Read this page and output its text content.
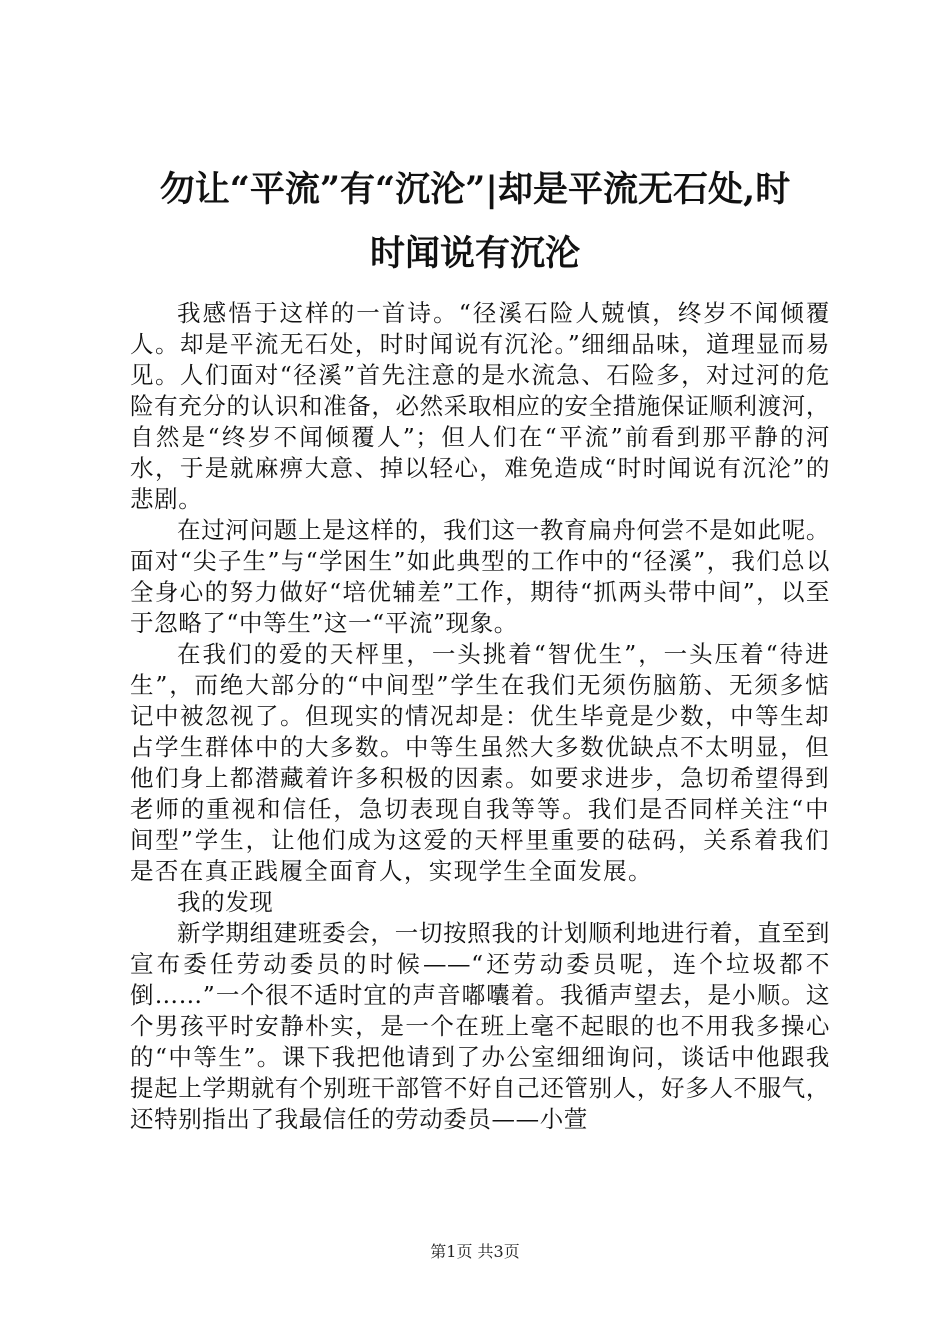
勿让“平流”有“沉沦”|却是平流无石处,时
时闻说有沉沦

我感悟于这样的一首诗。“径溪石险人兢慎，终岁不闻倾覆人。却是平流无石处，时时闻说有沉沦。”细细品味，道理显而易见。人们面对“径溪”首先注意的是水流急、石险多，对过河的危险有充分的认识和准备，必然采取相应的安全措施保证顺利渡河，自然是“终岁不闻倾覆人”；但人们在“平流”前看到那平静的河水，于是就麻痹大意、掉以轻心，难免造成“时时闻说有沉沦”的悲剧。

在过河问题上是这样的，我们这一教育扁舟何尝不是如此呢。面对“尖子生”与“学困生”如此典型的工作中的“径溪”，我们总以全身心的努力做好“培优辅差”工作，期待“抓两头带中间”，以至于忽略了“中等生”这一“平流”现象。

在我们的爱的天枰里，一头挑着“智优生”，一头压着“待进生”，而绝大部分的“中间型”学生在我们无须伤脑筋、无须多惦记中被忽视了。但现实的情况却是：优生毕竟是少数，中等生却占学生群体中的大多数。中等生虽然大多数优缺点不太明显，但他们身上都潜藏着许多积极的因素。如要求进步，急切希望得到老师的重视和信任，急切表现自我等等。我们是否同样关注“中间型”学生，让他们成为这爱的天枰里重要的砝码，关系着我们是否在真正践履全面育人，实现学生全面发展。

我的发现

新学期组建班委会，一切按照我的计划顺利地进行着，直至到宣布委任劳动委员的时候——“还劳动委员呢，连个垃圾都不倒……”一个很不适时宜的声音嘟囔着。我循声望去，是小顺。这个男孩平时安静朴实，是一个在班上毫不起眼的也不用我多操心的“中等生”。课下我把他请到了办公室细细询问，谈话中他跟我提起上学期就有个别班干部管不好自己还管别人，好多人不服气，还特别指出了我最信任的劳动委员——小萱

第1页 共3页
